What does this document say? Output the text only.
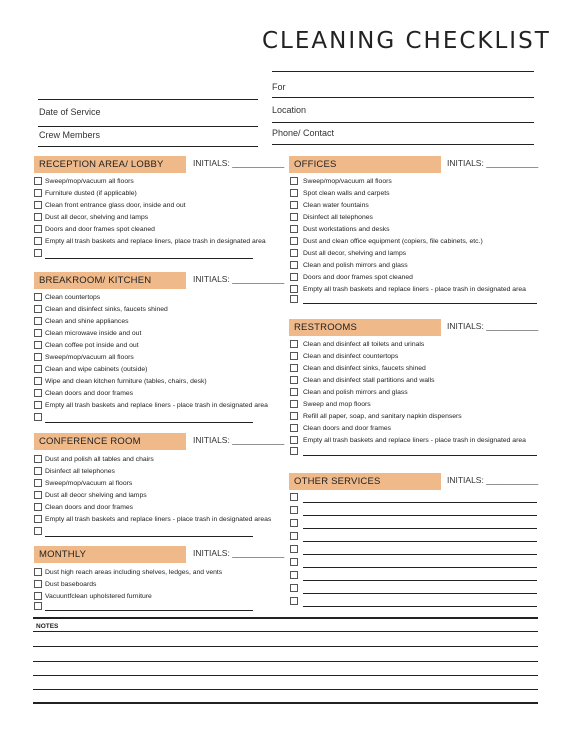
CLEANING CHECKLIST
For
Location
Phone/ Contact
Date of Service
Crew Members
RECEPTION AREA/ LOBBY	INITIALS: ___________
Sweep/mop/vacuum all floors
Furniture dusted (if applicable)
Clean front entrance glass door, inside and out
Dust all decor, shelving and lamps
Doors and door frames spot cleaned
Empty all trash baskets and replace liners, place trash in designated area
BREAKROOM/ KITCHEN	INITIALS: ___________
Clean countertops
Clean and disinfect sinks, faucets shined
Clean and shine appliances
Clean microwave inside and out
Clean coffee pot inside and out
Sweep/mop/vacuum all floors
Clean and wipe cabinets (outside)
Wipe and clean kitchen furniture (tables, chairs, desk)
Clean doors and door frames
Empty all trash baskets and replace liners - place trash in designated area
CONFERENCE ROOM	INITIALS: ___________
Dust and polish all tables and chairs
Disinfect all telephones
Sweep/mop/vacuum al floors
Dust all deocr shelving and lamps
Clean doors and door frames
Empty all trash baskets and replace liners - place trash in designated areas
MONTHLY	INITIALS: ___________
Dust high reach areas including shelves, ledges, and vents
Dust baseboards
Vacuuntfclean upholstered furniture
OFFICES	INITIALS: ___________
Sweep/mop/vacuum all floors
Spot clean walls and carpets
Clean water fountains
Disinfect all telephones
Dust workstations and desks
Dust and clean office equipment (copiers, file cabinets, etc.)
Dust all decor, shelving and lamps
Clean and polish mirrors and glass
Doors and door frames spot cleaned
Empty all trash baskets and replace liners - place trash in designated area
RESTROOMS	INITIALS: ___________
Clean and disinfect all toilets and urinals
Clean and disinfect countertops
Clean and disinfect sinks, faucets shined
Clean and disinfect stall partitions and walls
Clean and polish mirrors and glass
Sweep and mop floors
Refill all paper, soap, and sanitary napkin dispensers
Clean doors and door frames
Empty all trash baskets and replace liners - place trash in designated area
OTHER SERVICES	INITIALS: ___________
NOTES
